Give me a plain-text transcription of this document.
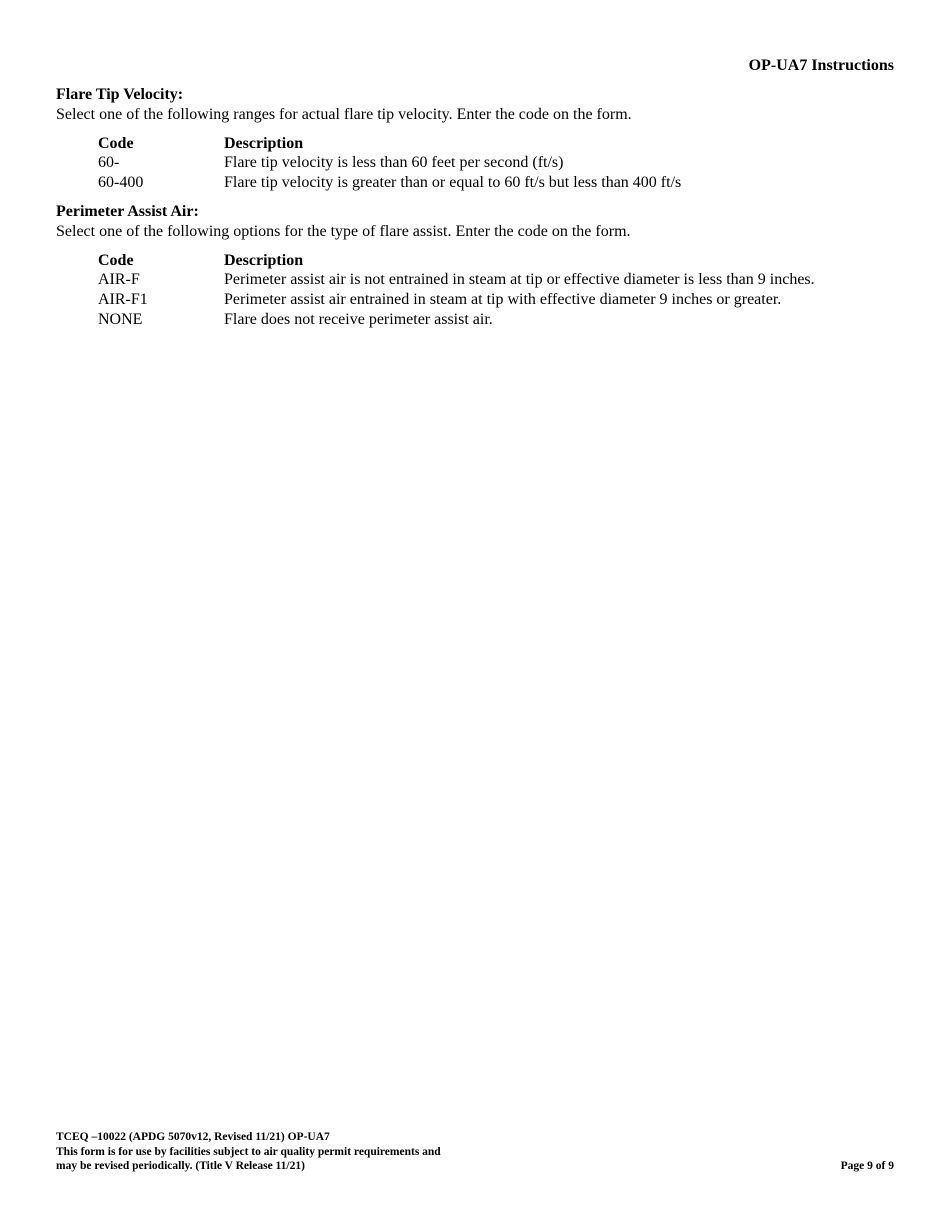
OP-UA7 Instructions
Flare Tip Velocity:
Select one of the following ranges for actual flare tip velocity. Enter the code on the form.
Code	Description
60-	Flare tip velocity is less than 60 feet per second (ft/s)
60-400	Flare tip velocity is greater than or equal to 60 ft/s but less than 400 ft/s
Perimeter Assist Air:
Select one of the following options for the type of flare assist. Enter the code on the form.
Code	Description
AIR-F	Perimeter assist air is not entrained in steam at tip or effective diameter is less than 9 inches.
AIR-F1	Perimeter assist air entrained in steam at tip with effective diameter 9 inches or greater.
NONE	Flare does not receive perimeter assist air.
TCEQ –10022 (APDG 5070v12, Revised 11/21) OP-UA7
This form is for use by facilities subject to air quality permit requirements and
may be revised periodically. (Title V Release 11/21)	Page 9 of 9
